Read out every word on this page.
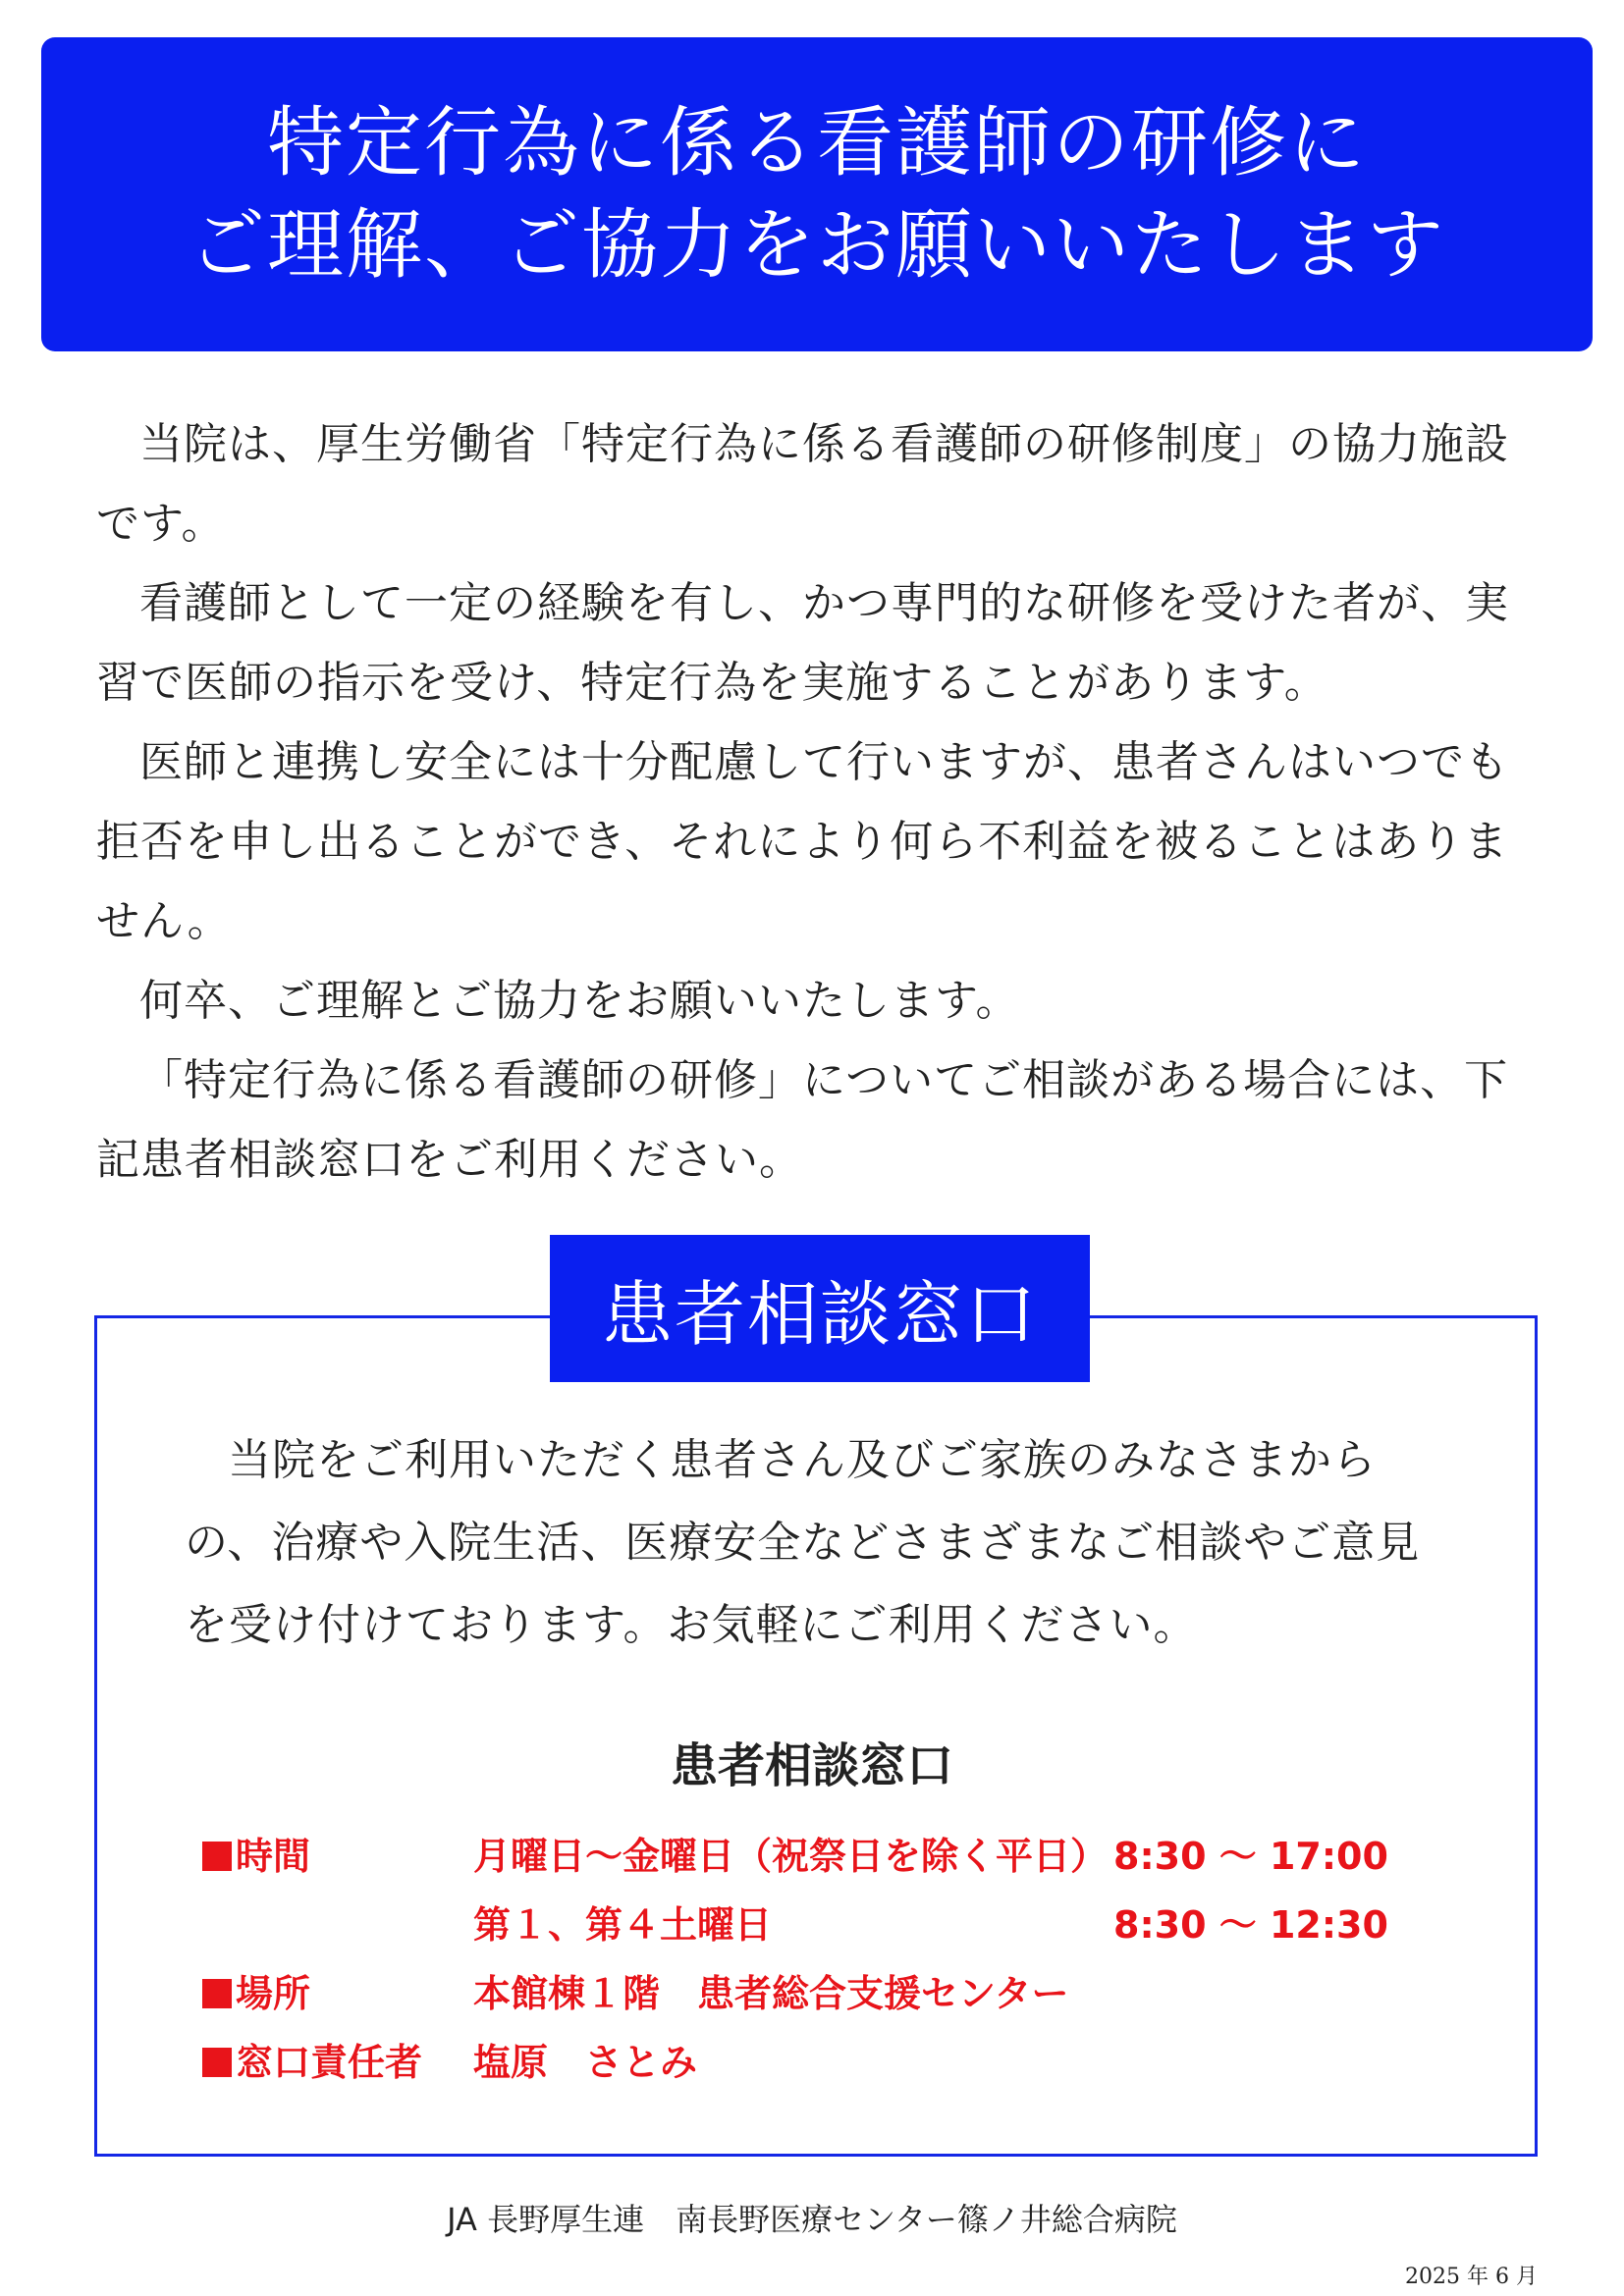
特定行為に係る看護師の研修に
ご理解、ご協力をお願いいたします

当院は、厚生労働省「特定行為に係る看護師の研修制度」の協力施設です。

看護師として一定の経験を有し、かつ専門的な研修を受けた者が、実習で医師の指示を受け、特定行為を実施することがあります。

医師と連携し安全には十分配慮して行いますが、患者さんはいつでも拒否を申し出ることができ、それにより何ら不利益を被ることはありません。

何卒、ご理解とご協力をお願いいたします。

「特定行為に係る看護師の研修」についてご相談がある場合には、下記患者相談窓口をご利用ください。

患者相談窓口

当院をご利用いただく患者さん及びご家族のみなさまからの、治療や入院生活、医療安全などさまざまなご相談やご意見を受け付けております。お気軽にご利用ください。

患者相談窓口
時間	月曜日～金曜日（祝祭日を除く平日） 8:30 ～ 17:00
第１、第４土曜日	8:30 ～ 12:30
場所	本館棟１階　患者総合支援センター
窓口責任者 塩原　さとみ
JA 長野厚生連　南長野医療センター篠ノ井総合病院
2025 年 6 月
